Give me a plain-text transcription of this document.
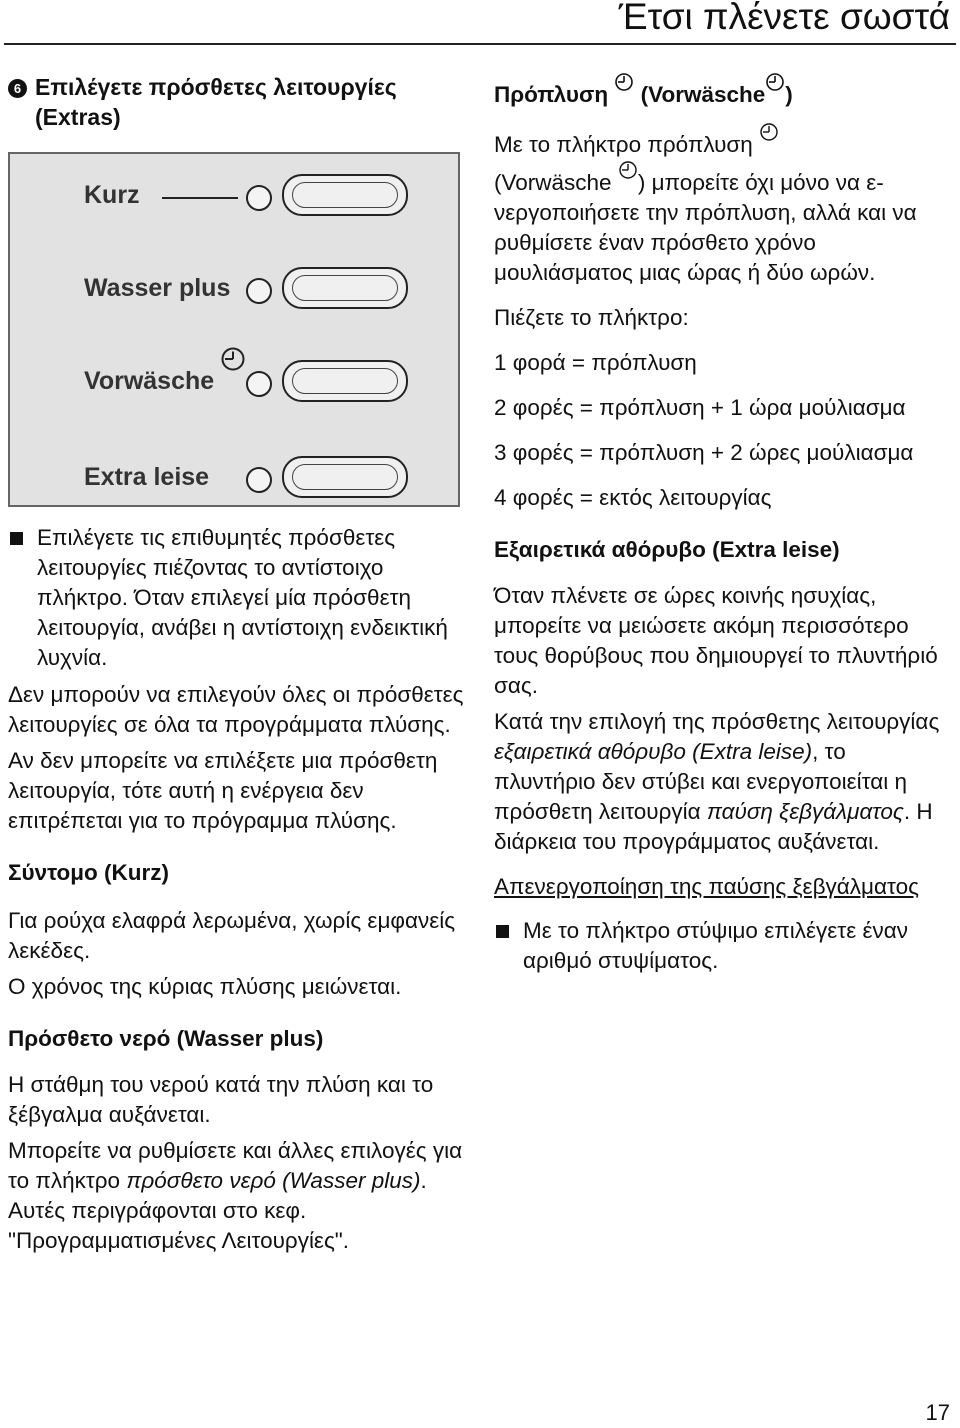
Έτσι πλένετε σωστά
6 Επιλέγετε πρόσθετες λειτουργίες (Extras)
Kurz
Wasser plus
Vorwäsche
Extra leise

Επιλέγετε τις επιθυμητές πρόσθετες λειτουργίες πιέζοντας το αντίστοιχο πλήκτρο. Όταν επιλεγεί μία πρόσθετη λειτουργία, ανάβει η αντίστοιχη ενδεικτική λυχνία.

Δεν μπορούν να επιλεγούν όλες οι πρόσθετες λειτουργίες σε όλα τα προγράμματα πλύσης.

Αν δεν μπορείτε να επιλέξετε μια πρόσθετη λειτουργία, τότε αυτή η ενέργεια δεν επιτρέπεται για το πρόγραμμα πλύσης.

Σύντομο (Kurz)

Για ρούχα ελαφρά λερωμένα, χωρίς εμφανείς λεκέδες.

Ο χρόνος της κύριας πλύσης μειώνεται.

Πρόσθετο νερό (Wasser plus)

Η στάθμη του νερού κατά την πλύση και το ξέβγαλμα αυξάνεται.

Μπορείτε να ρυθμίσετε και άλλες επιλογές για το πλήκτρο πρόσθετο νερό (Wasser plus). Αυτές περιγράφονται στο κεφ. "Προγραμματισμένες Λειτουργίες".

Πρόπλυση (Vorwäsche )

Με το πλήκτρο πρόπλυση
(Vorwäsche ) μπορείτε όχι μόνο να ενεργοποιήσετε την πρόπλυση, αλλά και να ρυθμίσετε έναν πρόσθετο χρόνο μουλιάσματος μιας ώρας ή δύο ωρών.

Πιέζετε το πλήκτρο:

1 φορά = πρόπλυση

2 φορές = πρόπλυση + 1 ώρα μούλιασμα

3 φορές = πρόπλυση + 2 ώρες μούλιασμα

4 φορές = εκτός λειτουργίας

Εξαιρετικά αθόρυβο (Extra leise)

Όταν πλένετε σε ώρες κοινής ησυχίας, μπορείτε να μειώσετε ακόμη περισσότερο τους θορύβους που δημιουργεί το πλυντήριό σας.

Κατά την επιλογή της πρόσθετης λειτουργίας εξαιρετικά αθόρυβο (Extra leise), το πλυντήριο δεν στύβει και ενεργοποιείται η πρόσθετη λειτουργία παύση ξεβγάλματος. Η διάρκεια του προγράμματος αυξάνεται.

Απενεργοποίηση της παύσης ξεβγάλματος

Με το πλήκτρο στύψιμο επιλέγετε έναν αριθμό στυψίματος.

17
